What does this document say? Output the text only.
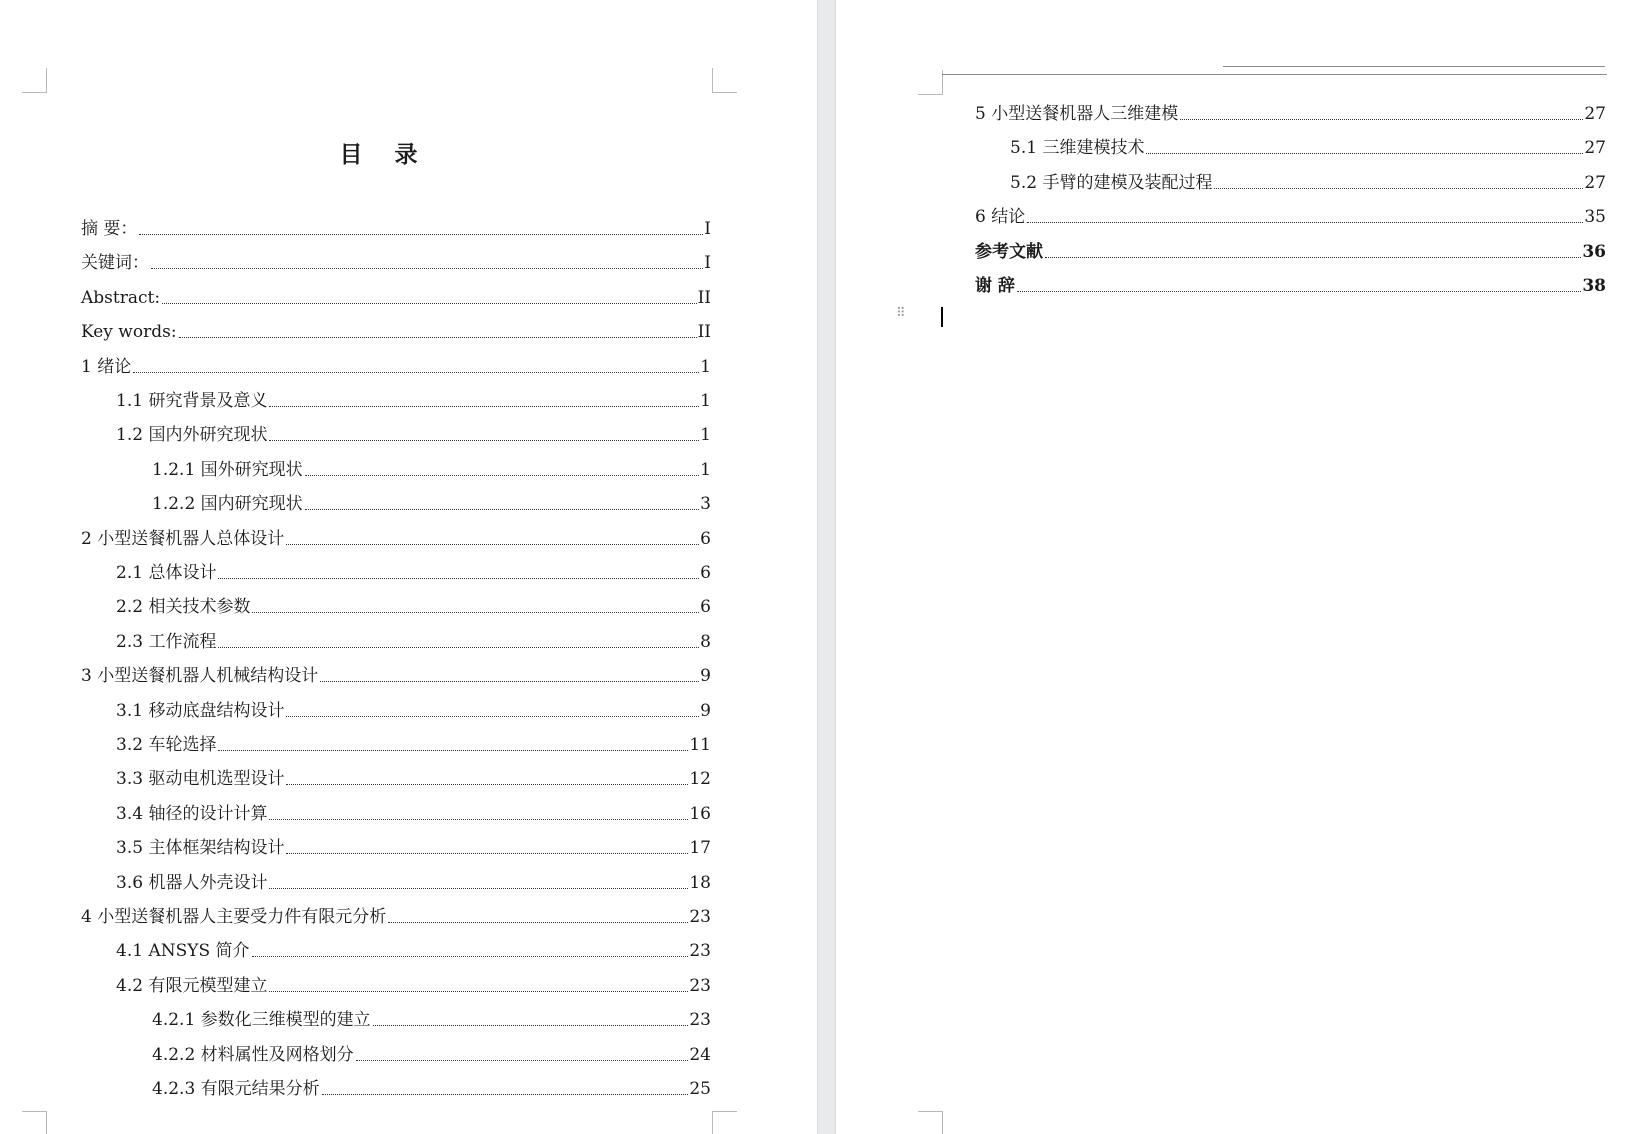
目 录
摘 要：	I
关键词：	I
Abstract:	II
Key words:	II
1 绪论	1
1.1 研究背景及意义	1
1.2 国内外研究现状	1
1.2.1 国外研究现状	1
1.2.2 国内研究现状	3
2 小型送餐机器人总体设计	6
2.1 总体设计	6
2.2 相关技术参数	6
2.3 工作流程	8
3 小型送餐机器人机械结构设计	9
3.1 移动底盘结构设计	9
3.2 车轮选择	11
3.3 驱动电机选型设计	12
3.4 轴径的设计计算	16
3.5 主体框架结构设计	17
3.6 机器人外壳设计	18
4 小型送餐机器人主要受力件有限元分析	23
4.1 ANSYS 简介	23
4.2 有限元模型建立	23
4.2.1 参数化三维模型的建立	23
4.2.2 材料属性及网格划分	24
4.2.3 有限元结果分析	25
5 小型送餐机器人三维建模	27
5.1 三维建模技术	27
5.2 手臂的建模及装配过程	27
6 结论	35
参考文献	36
谢 辞	38
⠿
